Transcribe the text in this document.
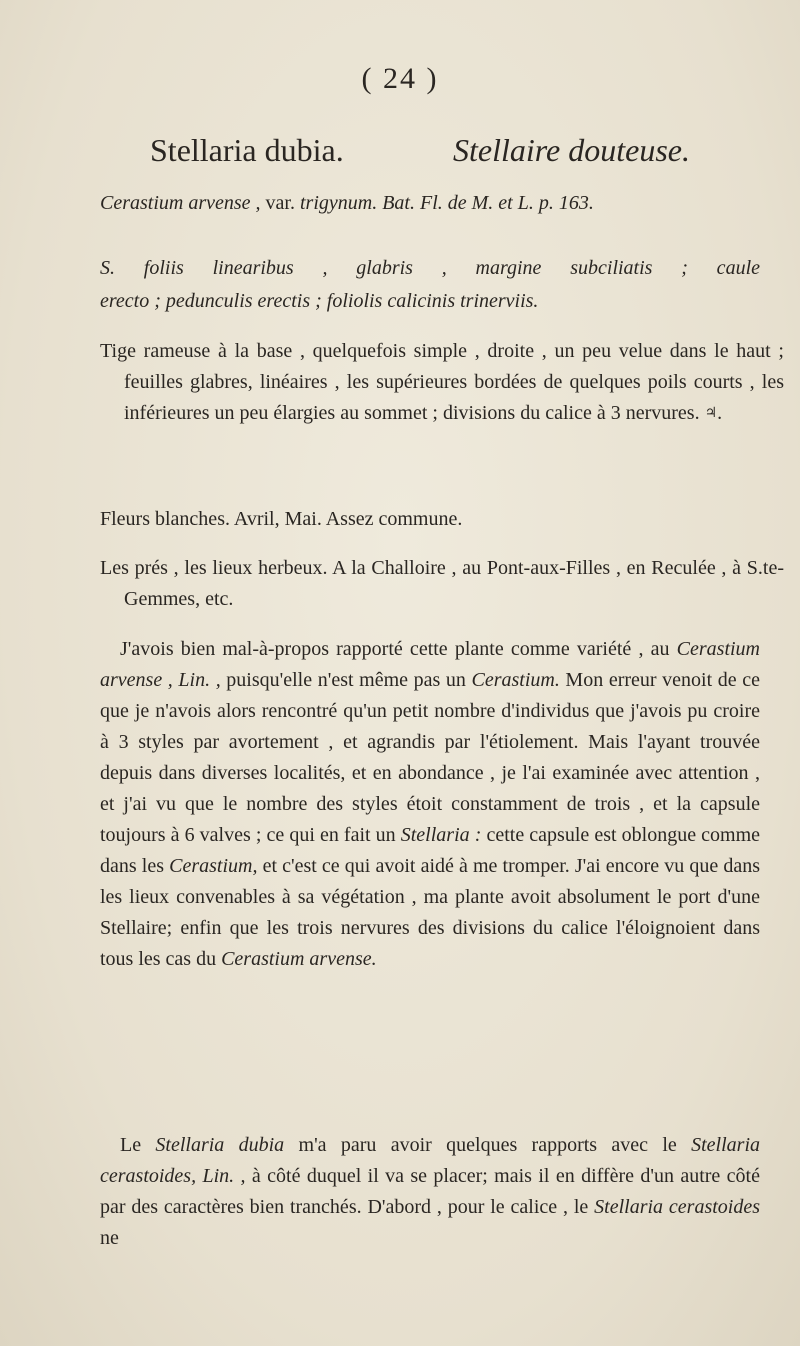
( 24 )
Stellaria dubia.	Stellaire douteuse.
Cerastium arvense , var. trigynum. Bat. Fl. de M. et L. p. 163.
S. foliis linearibus , glabris , margine subciliatis ; caule
erecto ; pedunculis erectis ; foliolis calicinis trinerviis.
Tige rameuse à la base , quelquefois simple , droite , un peu velue dans le haut ; feuilles glabres, linéaires , les supérieures bordées de quelques poils courts , les inférieures un peu élargies au sommet ; divisions du calice à 3 nervures. ♃.
Fleurs blanches. Avril, Mai. Assez commune.
Les prés , les lieux herbeux. A la Challoire , au Pont-aux-Filles , en Reculée , à S.te-Gemmes, etc.
J'avois bien mal-à-propos rapporté cette plante comme variété , au Cerastium arvense , Lin. , puisqu'elle n'est même pas un Cerastium. Mon erreur venoit de ce que je n'avois alors rencontré qu'un petit nombre d'individus que j'avois pu croire à 3 styles par avortement , et agrandis par l'étiolement. Mais l'ayant trouvée depuis dans diverses localités, et en abondance , je l'ai examinée avec attention , et j'ai vu que le nombre des styles étoit constamment de trois , et la capsule toujours à 6 valves ; ce qui en fait un Stellaria : cette capsule est oblongue comme dans les Cerastium, et c'est ce qui avoit aidé à me tromper. J'ai encore vu que dans les lieux convenables à sa végétation , ma plante avoit absolument le port d'une Stellaire; enfin que les trois nervures des divisions du calice l'éloignoient dans tous les cas du Cerastium arvense.
Le Stellaria dubia m'a paru avoir quelques rapports avec le Stellaria cerastoides, Lin. , à côté duquel il va se placer; mais il en diffère d'un autre côté par des caractères bien tranchés. D'abord , pour le calice , le Stellaria cerastoides ne
